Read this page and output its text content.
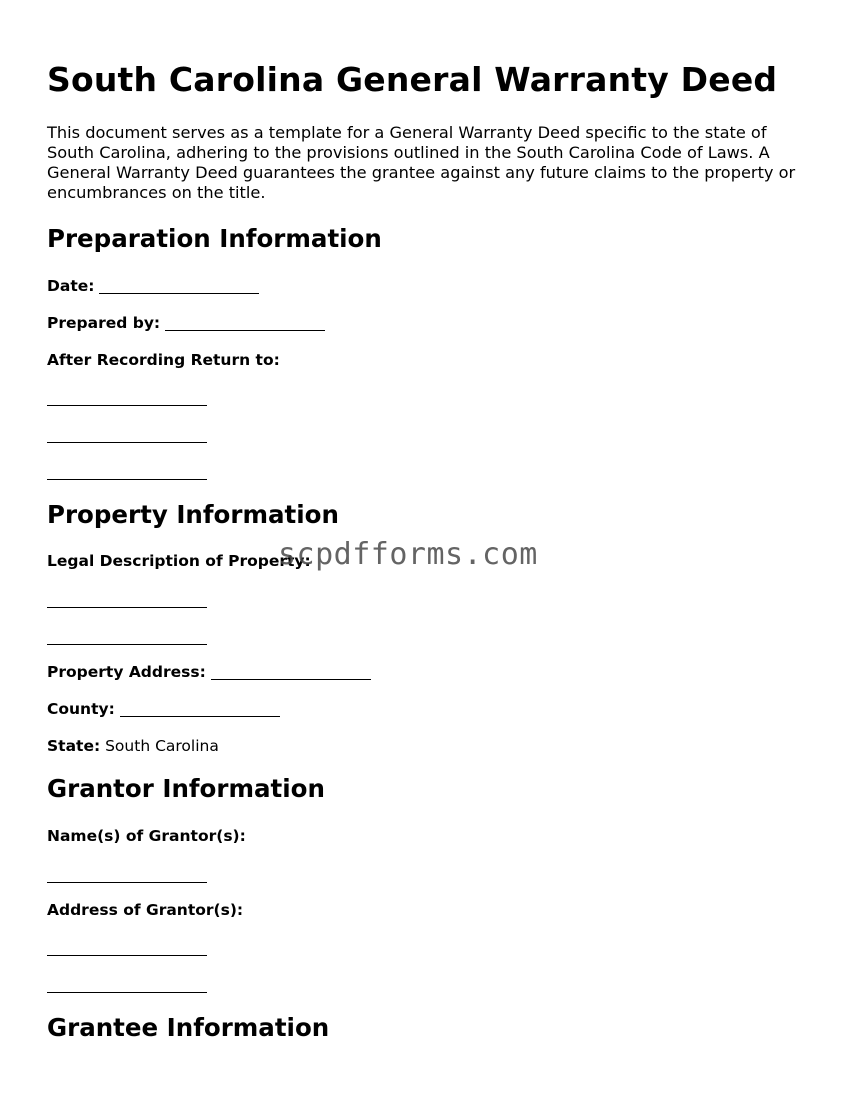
South Carolina General Warranty Deed

This document serves as a template for a General Warranty Deed specific to the state of South Carolina, adhering to the provisions outlined in the South Carolina Code of Laws. A General Warranty Deed guarantees the grantee against any future claims to the property or encumbrances on the title.

Preparation Information
Date:
Prepared by:
After Recording Return to:
Property Information
Legal Description of Property:
Property Address:
County:
State: South Carolina
Grantor Information
Name(s) of Grantor(s):
Address of Grantor(s):
Grantee Information
scpdfforms.com
